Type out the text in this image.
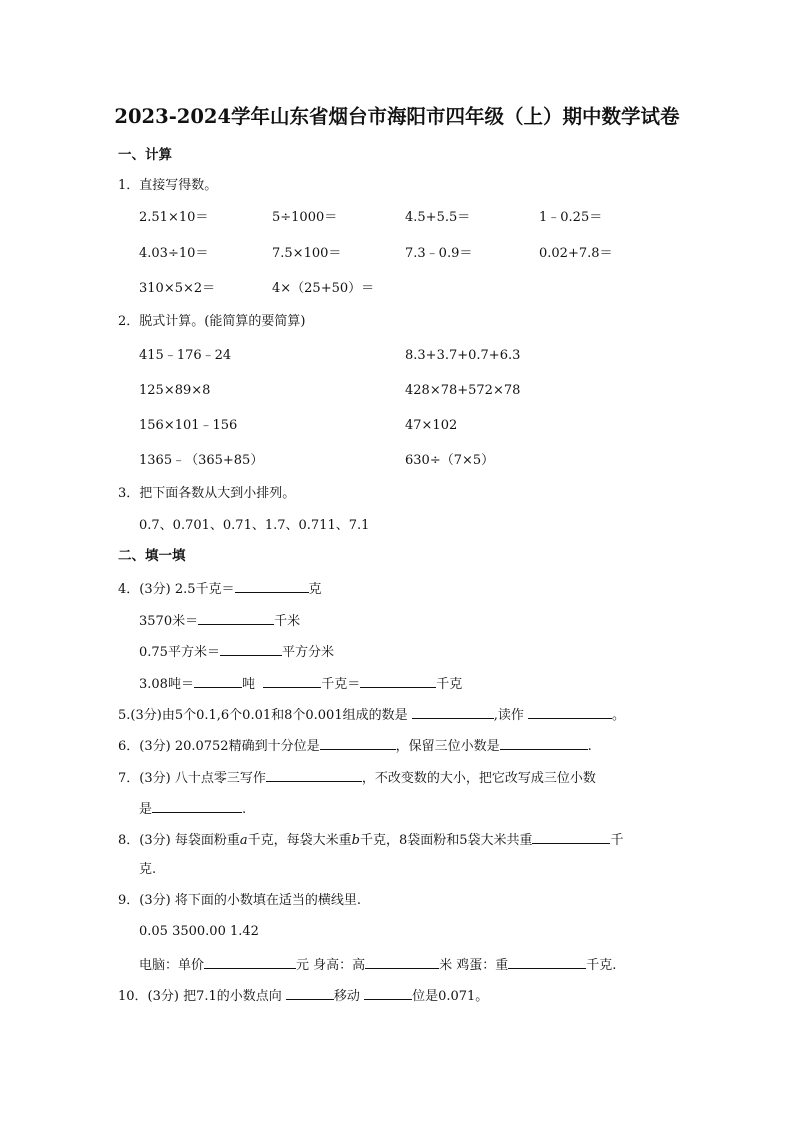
2023-2024学年山东省烟台市海阳市四年级（上）期中数学试卷
一、计算
1．直接写得数。
2.51×10＝	5÷1000＝	4.5+5.5＝	1﹣0.25＝
4.03÷10＝	7.5×100＝	7.3﹣0.9＝	0.02+7.8＝
310×5×2＝	4×（25+50）＝
2．脱式计算。(能简算的要简算)
415﹣176﹣24	8.3+3.7+0.7+6.3
125×89×8	428×78+572×78
156×101﹣156	47×102
1365﹣（365+85）	630÷（7×5）
3．把下面各数从大到小排列。
0.7、0.701、0.71、1.7、0.711、7.1
二、填一填
4．(3分) 2.5千克＝	克
3570米＝	千米
0.75平方米＝	平方分米
3.08吨＝	吨	千克＝	千克
5.(3分)由5个0.1,6个0.01和8个0.001组成的数是	,读作	。
6．(3分) 20.0752精确到十分位是	，保留三位小数是	.
7．(3分) 八十点零三写作	，不改变数的大小，把它改写成三位小数
是	.
8．(3分) 每袋面粉重a千克，每袋大米重b千克，8袋面粉和5袋大米共重	千
克.
9．(3分) 将下面的小数填在适当的横线里.
0.05 3500.00 1.42
电脑：单价	元 身高：高	米 鸡蛋：重	千克.
10．(3分) 把7.1的小数点向	移动	位是0.071。
